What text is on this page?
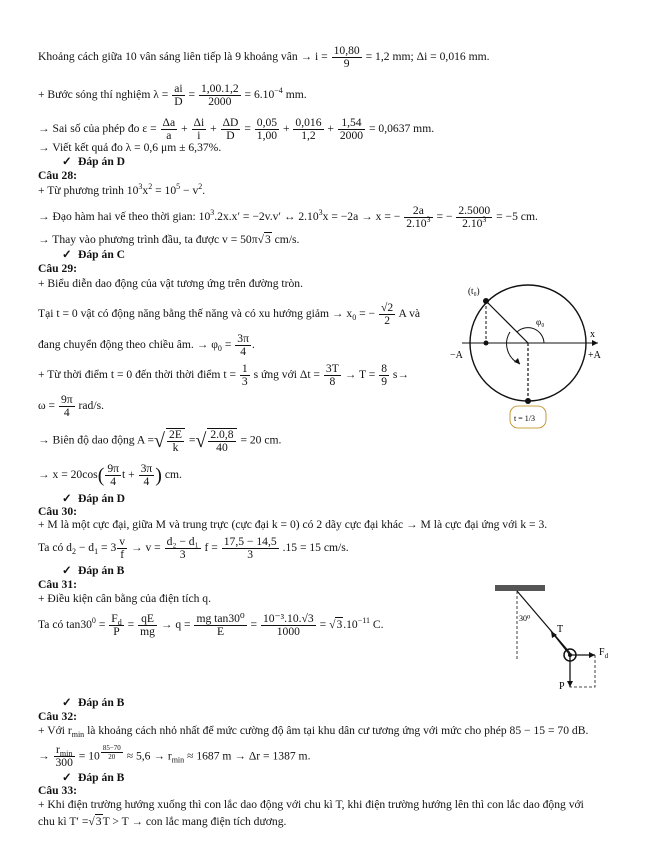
Khoảng cách giữa 10 vân sáng liên tiếp là 9 khoảng vân → $i = \frac{10,80}{9} = 1,2$ mm; Δi = 0,016 mm.
+ Bước sóng thí nghiệm $\lambda = \frac{ai}{D} = \frac{1,00.1,2}{2000} = 6.10^{-4}$ mm.
→ Sai số của phép đo $\varepsilon = \frac{\Delta a}{a} + \frac{\Delta i}{i} + \frac{\Delta D}{D} = \frac{0,05}{1,00} + \frac{0,016}{1,2} + \frac{1,54}{2000} = 0,0637$ mm.
→ Viết kết quả đo λ = 0,6 μm ± 6,37%.
✓ Đáp án D
Câu 28:
+ Từ phương trình $10^3x^2 = 10^5 - v^2$.
→ Đạo hàm hai vế theo thời gian: $10^3.2x.x' = -2v.v'$ ↔ $2.10^3x = -2a \to x$ = − $\frac{2a}{2.10^3}$ = − $\frac{2.5000}{2.10^3} = -5$ cm.
→ Thay vào phương trình đầu, ta được v = 50π√3 cm/s.
✓ Đáp án C
Câu 29:
+ Biểu diễn dao động của vật tương ứng trên đường tròn.
Tại t = 0 vật có động năng bằng thế năng và có xu hướng giảm → $x_0$ = − $\frac{√2}{2}$ A và
đang chuyển động theo chiều âm. → $\varphi_0 = \frac{3\pi}{4}$ .
+ Từ thời điểm t = 0 đến thời thời điểm $t = \frac{1}{3}$ s ứng với $\Delta t = \frac{3T}{8} \to T = \frac{8}{9} s\to$
$\omega = \frac{9\pi}{4} rad/s$.
→ Biên độ dao động A =√ $\frac{2E}{k}$ =√ $\frac{2.0,8}{40} = 20$ cm.
→ $x = 20\cos( \frac{9\pi}{4}$ $t + \frac{3\pi}{4}$ ) cm.
✓ Đáp án D
Câu 30:
+ M là một cực đại, giữa M và trung trực (cực đại k = 0) có 2 dãy cực đại khác → M là cực đại ứng với k = 3.
Ta có $d_2 - d_1 = 3 \frac{v}{f} \to v = \frac{\text{d₂ − d₁}}{3}$ $f = \frac{17,5 - 14,5}{3} .15 = 15$ cm/s.
✓ Đáp án B
Câu 31:
+ Điều kiện cân bằng của điện tích q.
Ta có $\tan 30^0 = \frac{F_d}{P} = \frac{qE}{mg} \to q = \frac{\text{mg tan30⁰}}{E} = \frac{\text{10⁻³.10.√3}}{1000} = √3.10^{-11}$ C.
✓ Đáp án B
Câu 32:
+ Với $r_{min}$ là khoảng cách nhỏ nhất để mức cường độ âm tại khu dân cư tương ứng với mức cho phép 85 − 15 = 70 dB.
→ $r_{min}$
300
= 10 $^{\frac{85-70}{20}} \approx 5,6 \to r_{min} \approx 1687$ m → Δr = 1387 m.
✓ Đáp án B
Câu 33:
+ Khi điện trường hướng xuống thì con lắc dao động với chu kì T, khi điện trường hướng lên thì con lắc dao động với
chu kì T′ =√3T > T → con lắc mang điện tích dương.
(t₀)
φ₀
x
−A	+A
t = 1/3
30⁰
T
$F_d$
P
